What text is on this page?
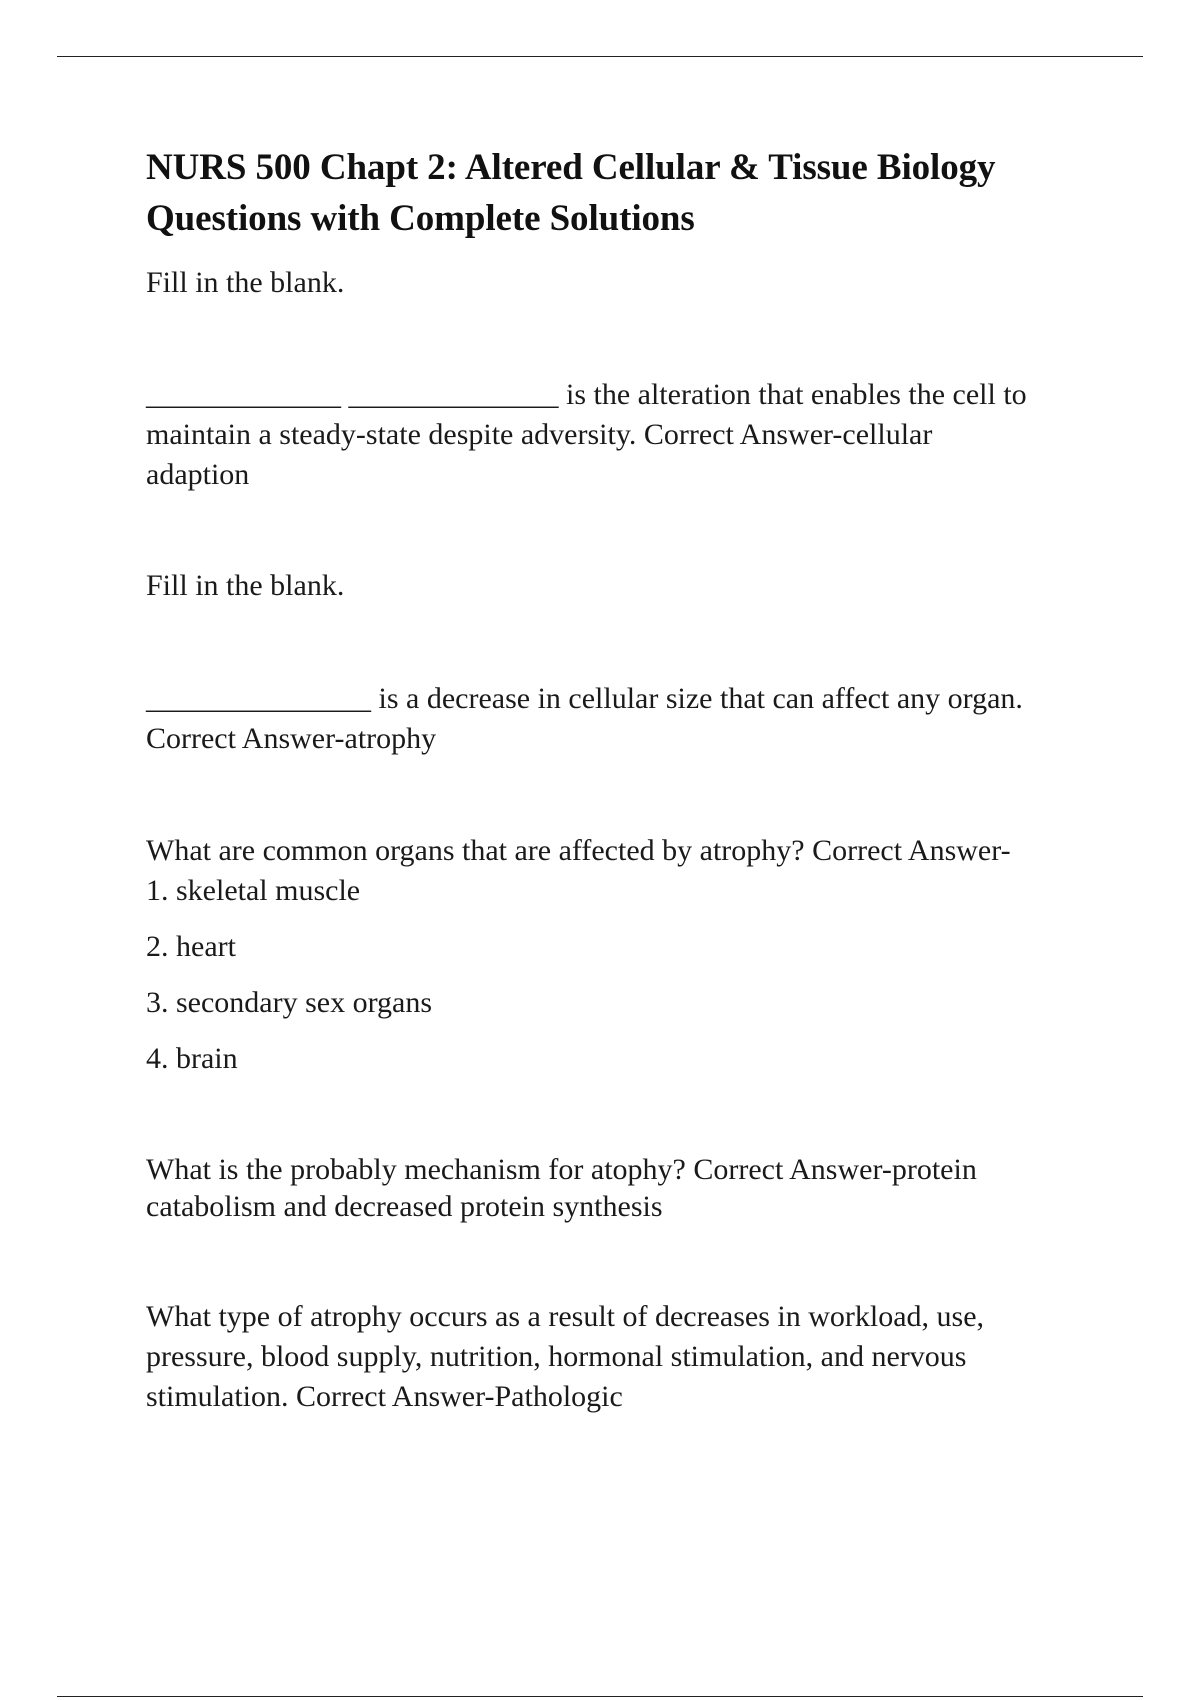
NURS 500 Chapt 2: Altered Cellular & Tissue Biology
Questions with Complete Solutions

Fill in the blank.

_____________ ______________ is the alteration that enables the cell to

maintain a steady-state despite adversity. Correct Answer-cellular

adaption

Fill in the blank.

_______________ is a decrease in cellular size that can affect any organ.

Correct Answer-atrophy

What are common organs that are affected by atrophy? Correct Answer-

1. skeletal muscle

2. heart

3. secondary sex organs

4. brain

What is the probably mechanism for atophy? Correct Answer-protein

catabolism and decreased protein synthesis

What type of atrophy occurs as a result of decreases in workload, use,

pressure, blood supply, nutrition, hormonal stimulation, and nervous

stimulation. Correct Answer-Pathologic
